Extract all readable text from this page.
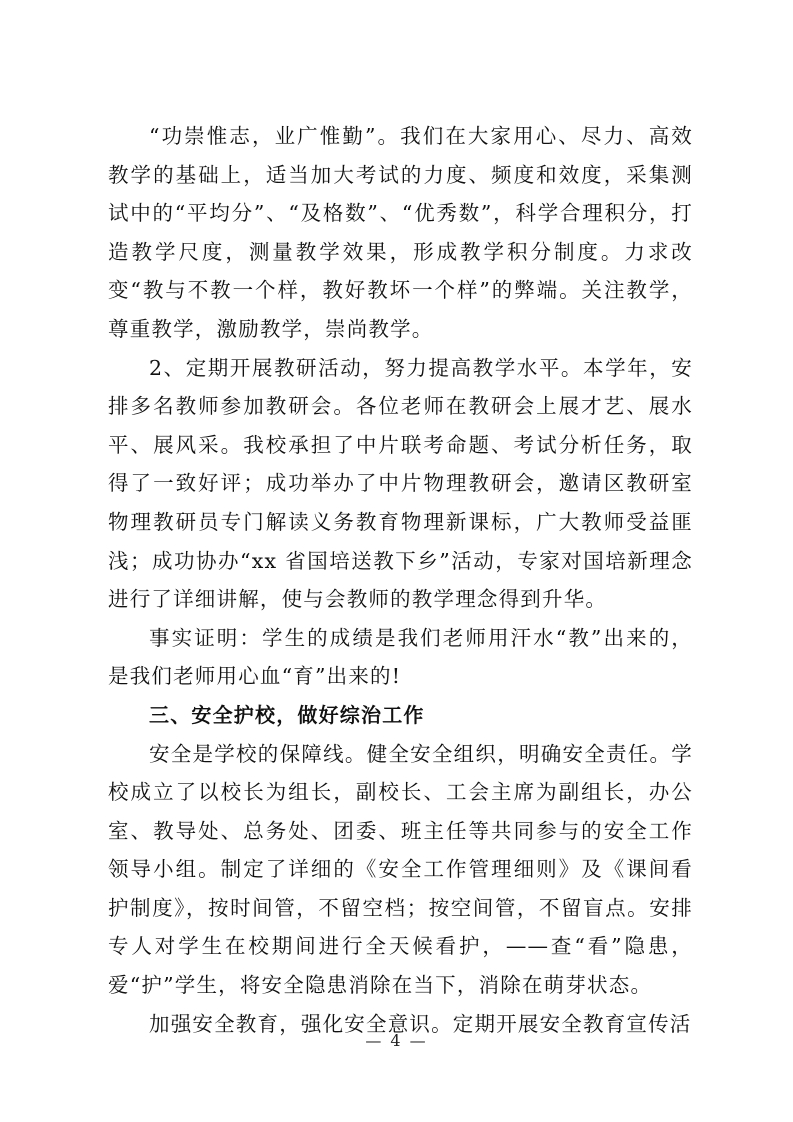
“功崇惟志，业广惟勤”。我们在大家用心、尽力、高效教学的基础上，适当加大考试的力度、频度和效度，采集测试中的“平均分”、“及格数”、“优秀数”，科学合理积分，打造教学尺度，测量教学效果，形成教学积分制度。力求改变“教与不教一个样，教好教坏一个样”的弊端。关注教学，尊重教学，激励教学，崇尚教学。

2、定期开展教研活动，努力提高教学水平。本学年，安排多名教师参加教研会。各位老师在教研会上展才艺、展水平、展风采。我校承担了中片联考命题、考试分析任务，取得了一致好评；成功举办了中片物理教研会，邀请区教研室物理教研员专门解读义务教育物理新课标，广大教师受益匪浅；成功协办“xx 省国培送教下乡”活动，专家对国培新理念进行了详细讲解，使与会教师的教学理念得到升华。

事实证明：学生的成绩是我们老师用汗水“教”出来的，是我们老师用心血“育”出来的!

三、安全护校，做好综治工作

安全是学校的保障线。健全安全组织，明确安全责任。学校成立了以校长为组长，副校长、工会主席为副组长，办公室、教导处、总务处、团委、班主任等共同参与的安全工作领导小组。制定了详细的《安全工作管理细则》及《课间看护制度》，按时间管，不留空档；按空间管，不留盲点。安排专人对学生在校期间进行全天候看护，——查“看”隐患，爱“护”学生，将安全隐患消除在当下，消除在萌芽状态。

加强安全教育，强化安全意识。定期开展安全教育宣传活

— 4 —
